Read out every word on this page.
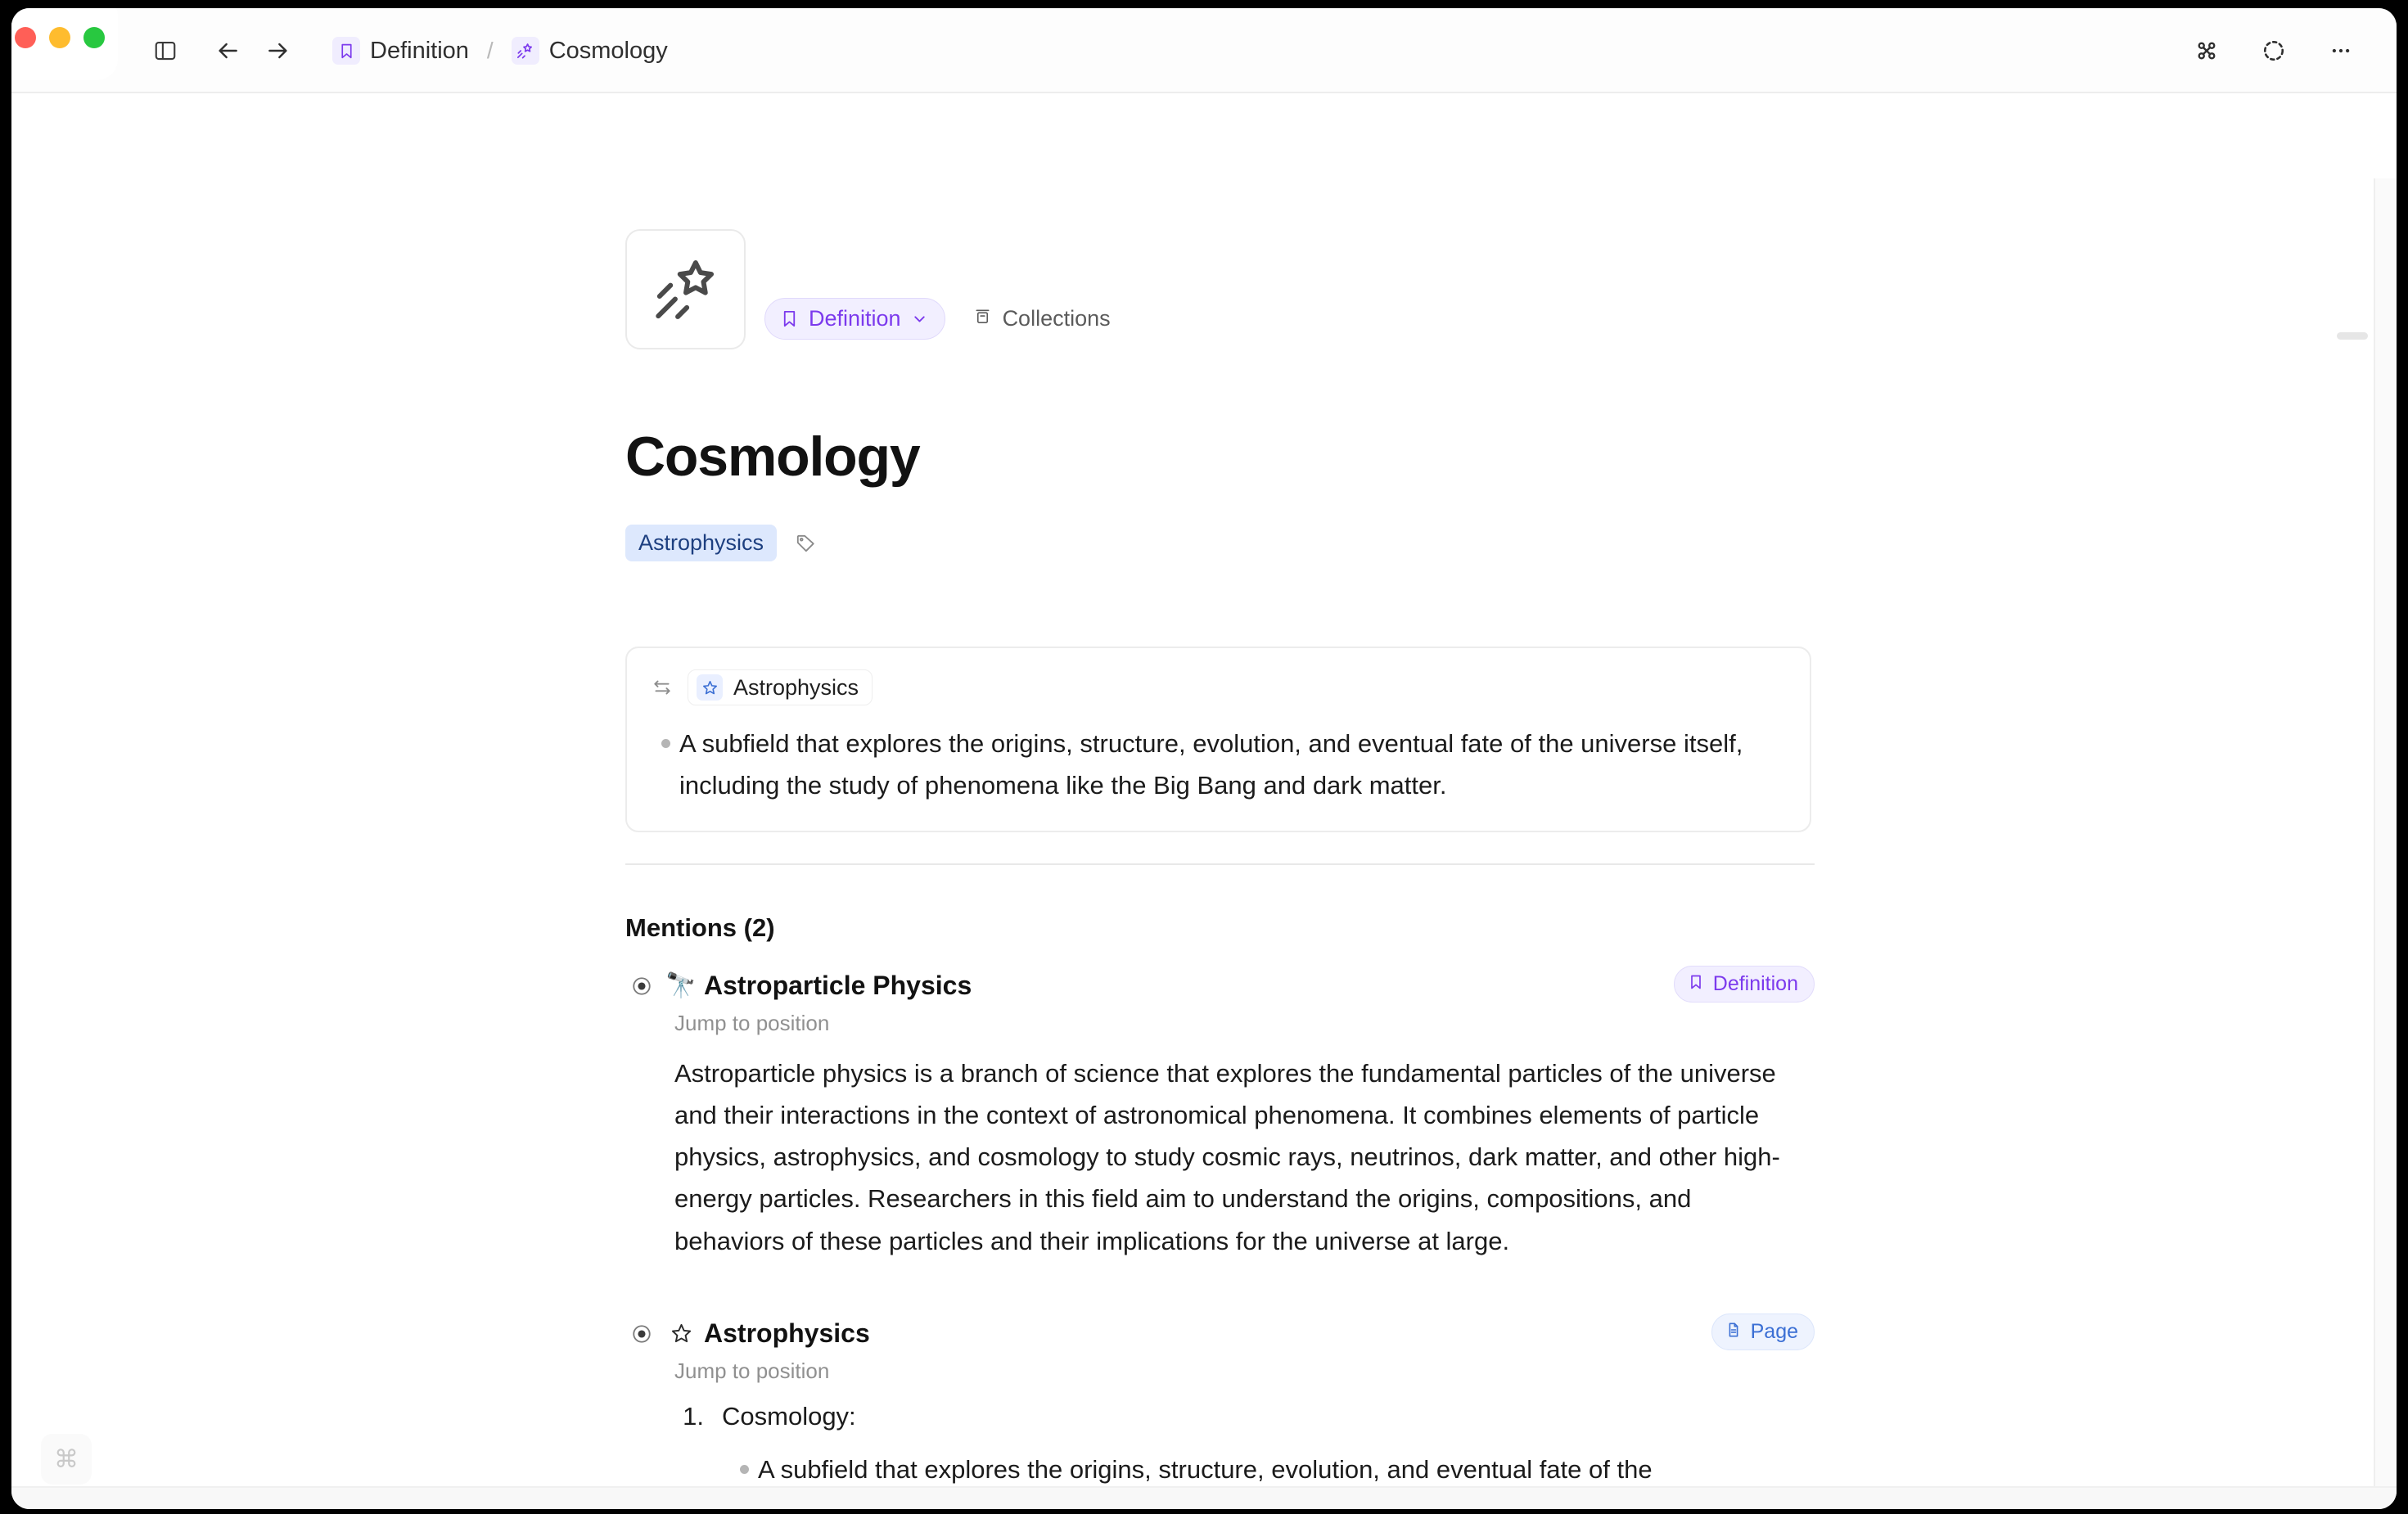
Definition /	Cosmology
Definition	Collections
Cosmology
Astrophysics
Astrophysics
A subfield that explores the origins, structure, evolution, and eventual fate of the universe itself, including the study of phenomena like the Big Bang and dark matter.
Mentions (2)
🔭 Astroparticle Physics	Definition
Jump to position
Astroparticle physics is a branch of science that explores the fundamental particles of the universe and their interactions in the context of astronomical phenomena. It combines elements of particle physics, astrophysics, and cosmology to study cosmic rays, neutrinos, dark matter, and other high-energy particles. Researchers in this field aim to understand the origins, compositions, and behaviors of these particles and their implications for the universe at large.
Astrophysics	Page
Jump to position
1. Cosmology:
A subfield that explores the origins, structure, evolution, and eventual fate of the
⌘
